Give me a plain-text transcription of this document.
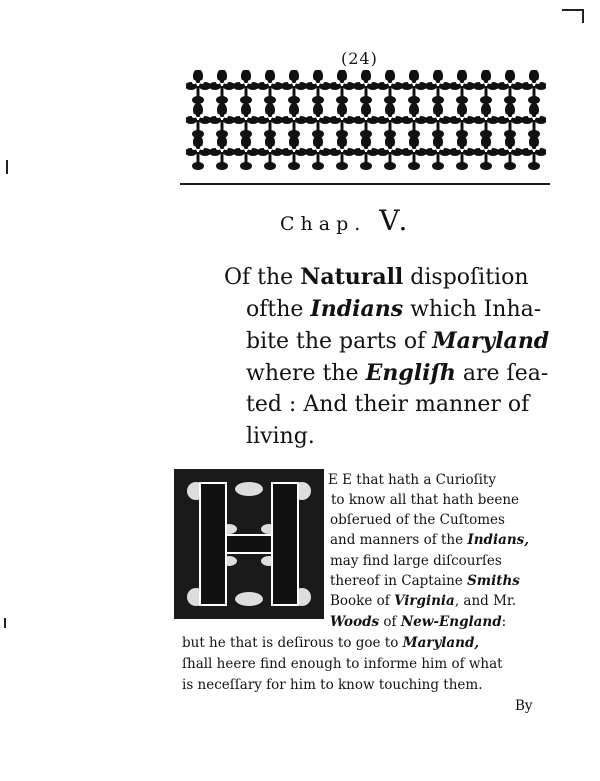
(24)
Chap. V.
Of the Naturall dispoſition
ofthe Indians which Inha-
bite the parts of Maryland
where the Engliſh are ſea-
ted : And their manner of
living.
H
E E that hath a Curioſity
to know all that hath beene
obſerued of the Cuſtomes
and manners of the Indians,
may find large diſcourſes
thereof in Captaine Smiths
Booke of Virginia, and Mr.
Woods of New-England:
but he that is deſirous to goe to Maryland,
ſhall heere find enough to informe him of what
is neceſſary for him to know touching them.
By
